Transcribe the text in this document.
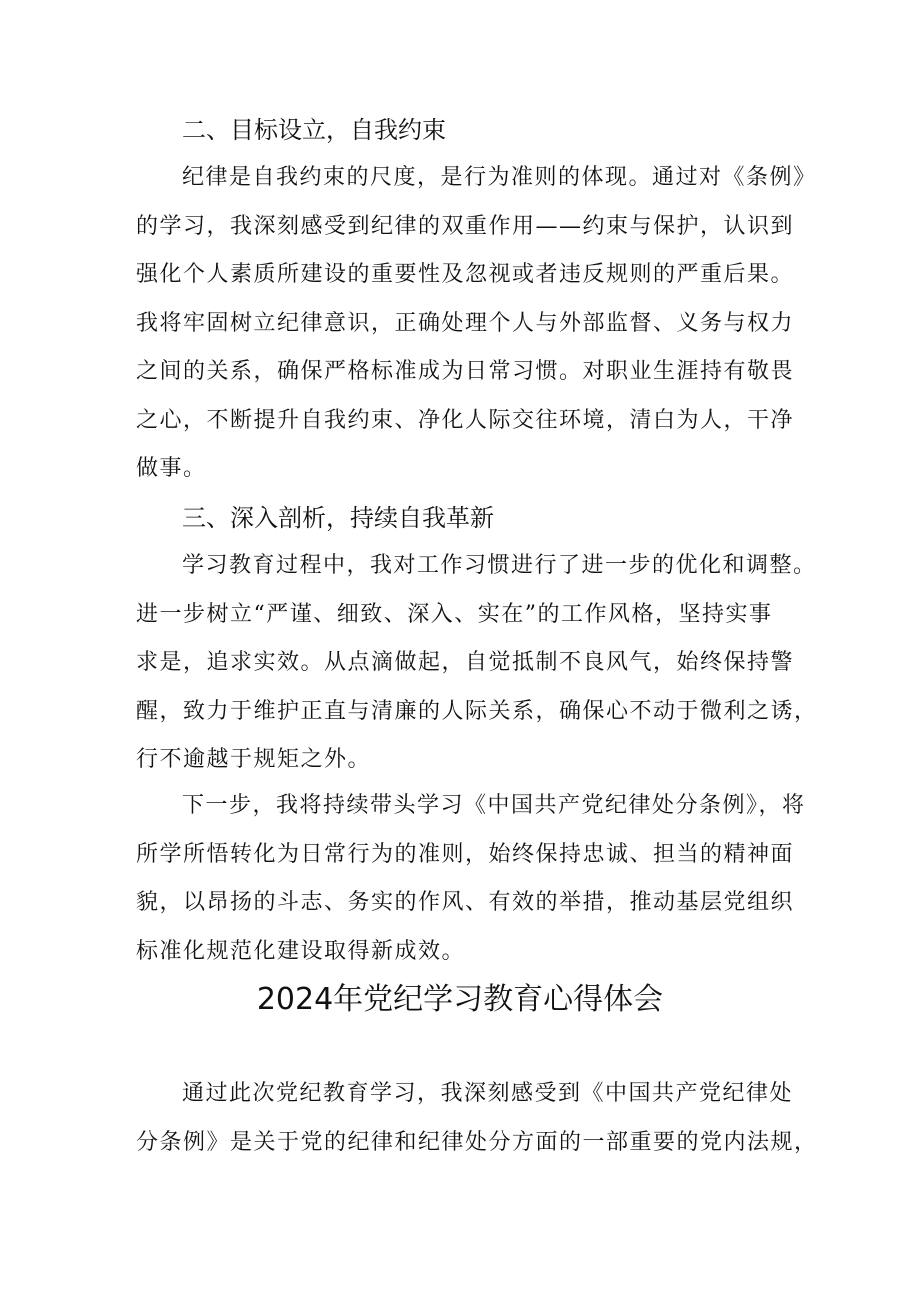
二、目标设立，自我约束
纪律是自我约束的尺度，是行为准则的体现。通过对《条例》
的学习，我深刻感受到纪律的双重作用——约束与保护，认识到
强化个人素质所建设的重要性及忽视或者违反规则的严重后果。
我将牢固树立纪律意识，正确处理个人与外部监督、义务与权力
之间的关系，确保严格标准成为日常习惯。对职业生涯持有敬畏
之心，不断提升自我约束、净化人际交往环境，清白为人，干净
做事。
三、深入剖析，持续自我革新
学习教育过程中，我对工作习惯进行了进一步的优化和调整。
进一步树立“严谨、细致、深入、实在”的工作风格，坚持实事
求是，追求实效。从点滴做起，自觉抵制不良风气，始终保持警
醒，致力于维护正直与清廉的人际关系，确保心不动于微利之诱，
行不逾越于规矩之外。
下一步，我将持续带头学习《中国共产党纪律处分条例》，将
所学所悟转化为日常行为的准则，始终保持忠诚、担当的精神面
貌，以昂扬的斗志、务实的作风、有效的举措，推动基层党组织
标准化规范化建设取得新成效。
2024年党纪学习教育心得体会
通过此次党纪教育学习，我深刻感受到《中国共产党纪律处
分条例》是关于党的纪律和纪律处分方面的一部重要的党内法规，
